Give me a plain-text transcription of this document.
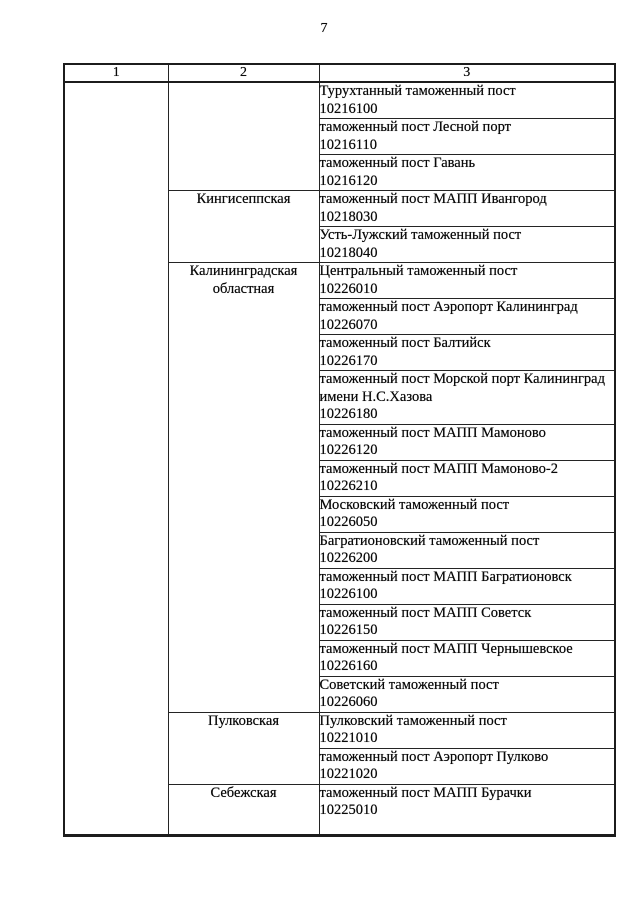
7
1	2	3

		Турухтанный таможенный пост
10216100

		таможенный пост Лесной порт
10216110

		таможенный пост Гавань
10216120

	Кингисеппская	таможенный пост МАПП Ивангород
10218030

		Усть-Лужский таможенный пост
10218040

	Калининградская областная	Центральный таможенный пост
10226010

		таможенный пост Аэропорт Калининград
10226070

		таможенный пост Балтийск
10226170

		таможенный пост Морской порт Калининград имени Н.С.Хазова
10226180

		таможенный пост МАПП Мамоново
10226120

		таможенный пост МАПП Мамоново-2
10226210

		Московский таможенный пост
10226050

		Багратионовский таможенный пост
10226200

		таможенный пост МАПП Багратионовск
10226100

		таможенный пост МАПП Советск
10226150

		таможенный пост МАПП Чернышевское
10226160

		Советский таможенный пост
10226060

	Пулковская	Пулковский таможенный пост
10221010

		таможенный пост Аэропорт Пулково
10221020

	Себежская	таможенный пост МАПП Бурачки
10225010
